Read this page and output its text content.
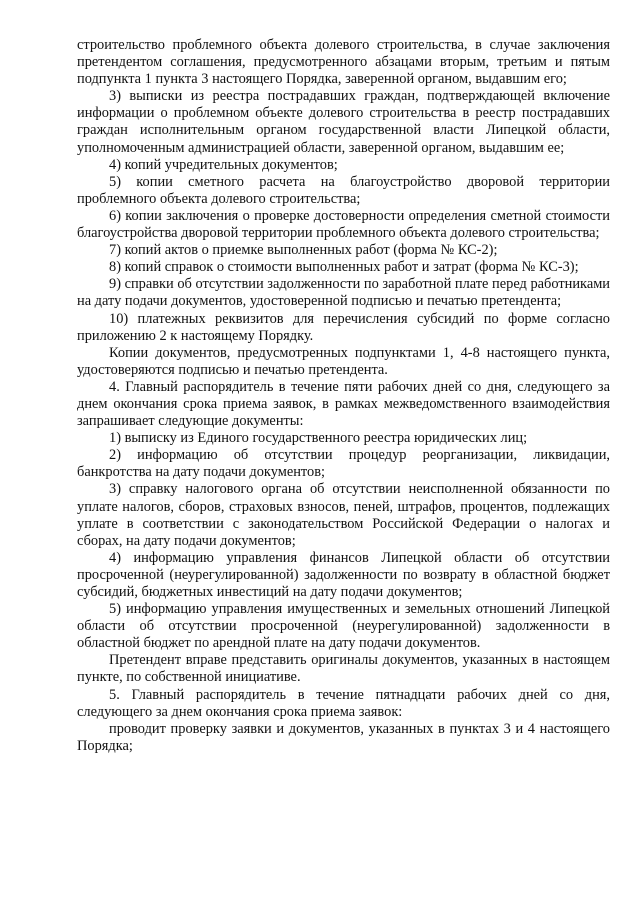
строительство проблемного объекта долевого строительства, в случае заключения претендентом соглашения, предусмотренного абзацами вторым, третьим и пятым подпункта 1 пункта 3 настоящего Порядка, заверенной органом, выдавшим его;

3) выписки из реестра пострадавших граждан, подтверждающей включение информации о проблемном объекте долевого строительства в реестр пострадавших граждан исполнительным органом государственной власти Липецкой области, уполномоченным администрацией области, заверенной органом, выдавшим ее;

4) копий учредительных документов;

5) копии сметного расчета на благоустройство дворовой территории проблемного объекта долевого строительства;

6) копии заключения о проверке достоверности определения сметной стоимости благоустройства дворовой территории проблемного объекта долевого строительства;

7) копий актов о приемке выполненных работ (форма № КС-2);

8) копий справок о стоимости выполненных работ и затрат (форма № КС-3);

9) справки об отсутствии задолженности по заработной плате перед работниками на дату подачи документов, удостоверенной подписью и печатью претендента;

10) платежных реквизитов для перечисления субсидий по форме согласно приложению 2 к настоящему Порядку.

Копии документов, предусмотренных подпунктами 1, 4-8 настоящего пункта, удостоверяются подписью и печатью претендента.

4. Главный распорядитель в течение пяти рабочих дней со дня, следующего за днем окончания срока приема заявок, в рамках межведомственного взаимодействия запрашивает следующие документы:

1) выписку из Единого государственного реестра юридических лиц;

2) информацию об отсутствии процедур реорганизации, ликвидации, банкротства на дату подачи документов;

3) справку налогового органа об отсутствии неисполненной обязанности по уплате налогов, сборов, страховых взносов, пеней, штрафов, процентов, подлежащих уплате в соответствии с законодательством Российской Федерации о налогах и сборах, на дату подачи документов;

4) информацию управления финансов Липецкой области об отсутствии просроченной (неурегулированной) задолженности по возврату в областной бюджет субсидий, бюджетных инвестиций на дату подачи документов;

5) информацию управления имущественных и земельных отношений Липецкой области об отсутствии просроченной (неурегулированной) задолженности в областной бюджет по арендной плате на дату подачи документов.

Претендент вправе представить оригиналы документов, указанных в настоящем пункте, по собственной инициативе.

5. Главный распорядитель в течение пятнадцати рабочих дней со дня, следующего за днем окончания срока приема заявок:

проводит проверку заявки и документов, указанных в пунктах 3 и 4 настоящего Порядка;
